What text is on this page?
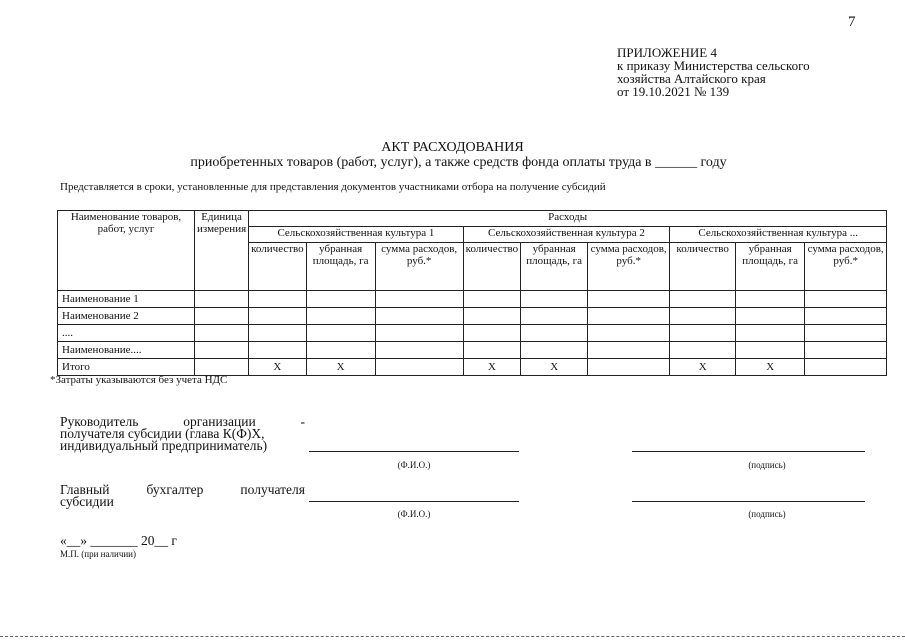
7
ПРИЛОЖЕНИЕ 4
к приказу Министерства сельского
хозяйства Алтайского края
от 19.10.2021 № 139
АКТ РАСХОДОВАНИЯ
приобретенных товаров (работ, услуг), а также средств фонда оплаты труда в ______ году
Представляется в сроки, установленные для представления документов участниками отбора на получение субсидий
Наименование товаров, работ, услуг	Единица измерения	Расходы								
		Сельскохозяйственная культура 1			Сельскохозяйственная культура 2			Сельскохозяйственная культура ...		
		количество	убранная площадь, га	сумма расходов, руб.*	количество	убранная площадь, га	сумма расходов, руб.*	количество	убранная площадь, га	сумма расходов, руб.*
Наименование 1										
Наименование 2										
....										
Наименование....										
Итого		Х	Х		Х	Х		Х	Х	
*Затраты указываются без учета НДС
Руководитель организации -
получателя субсидии (глава К(Ф)Х,
индивидуальный предприниматель)
(Ф.И.О.)	(подпись)
Главный бухгалтер получателя
субсидии
(Ф.И.О.)	(подпись)
«__» _______ 20__ г
М.П. (при наличии)
